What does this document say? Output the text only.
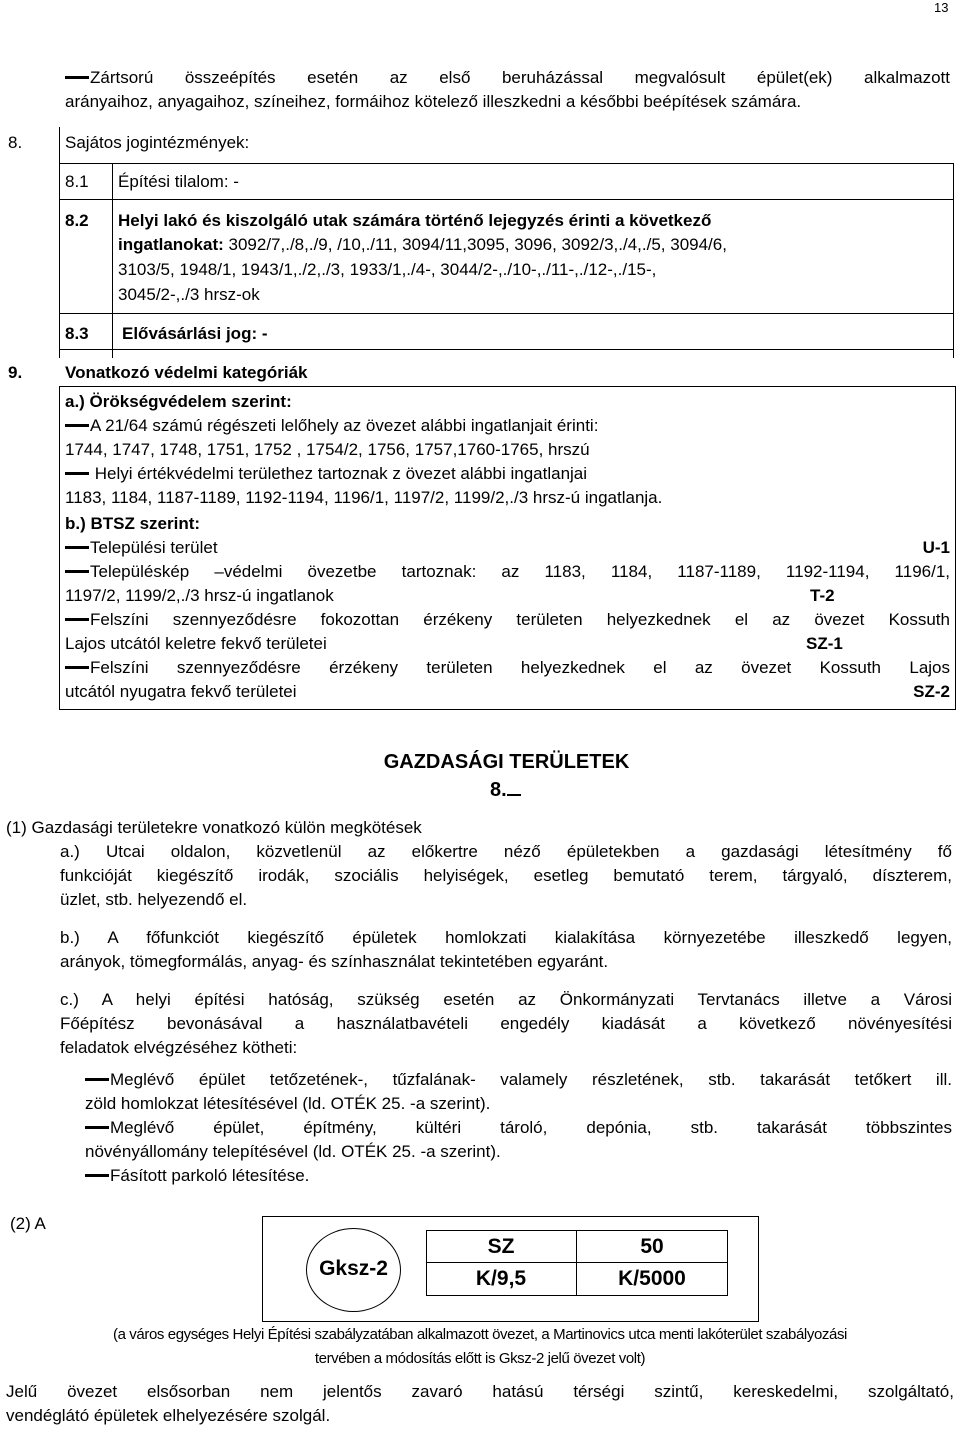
13
Zártsorú összeépítés esetén az első beruházással megvalósult épület(ek) alkalmazott
arányaihoz, anyagaihoz, színeihez, formáihoz kötelező illeszkedni a későbbi beépítések számára.
8.	Sajátos jogintézmények:
8.1 Építési tilalom: -
8.2 Helyi lakó és kiszolgáló utak számára történő lejegyzés érinti a következő
ingatlanokat: 3092/7,./8,./9, /10,./11, 3094/11,3095, 3096, 3092/3,./4,./5, 3094/6,
3103/5, 1948/1, 1943/1,./2,./3, 1933/1,./4-, 3044/2-,./10-,./11-,./12-,./15-,
3045/2-,./3 hrsz-ok
8.3 Elővásárlási jog: -
9.	Vonatkozó védelmi kategóriák
a.) Örökségvédelem szerint:
A 21/64 számú régészeti lelőhely az övezet alábbi ingatlanjait érinti:
1744, 1747, 1748, 1751, 1752 , 1754/2, 1756, 1757,1760-1765, hrszú
Helyi értékvédelmi területhez tartoznak z övezet alábbi ingatlanjai
1183, 1184, 1187-1189, 1192-1194, 1196/1, 1197/2, 1199/2,./3 hrsz-ú ingatlanja.
b.) BTSZ szerint:
Települési terület	U-1
Településkép –védelmi övezetbe tartoznak: az 1183, 1184, 1187-1189, 1192-1194, 1196/1,
1197/2, 1199/2,./3 hrsz-ú ingatlanok	T-2
Felszíni szennyeződésre fokozottan érzékeny területen helyezkednek el az övezet Kossuth
Lajos utcától keletre fekvő területei	SZ-1
Felszíni szennyeződésre érzékeny területen helyezkednek el az övezet Kossuth Lajos
utcától nyugatra fekvő területei	SZ-2
GAZDASÁGI TERÜLETEK
8.
(1) Gazdasági területekre vonatkozó külön megkötések
a.) Utcai oldalon, közvetlenül az előkertre néző épületekben a gazdasági létesítmény fő
funkcióját kiegészítő irodák, szociális helyiségek, esetleg bemutató terem, tárgyaló, díszterem,
üzlet, stb. helyezendő el.
b.) A főfunkciót kiegészítő épületek homlokzati kialakítása környezetébe illeszkedő legyen,
arányok, tömegformálás, anyag- és színhasználat tekintetében egyaránt.
c.) A helyi építési hatóság, szükség esetén az Önkormányzati Tervtanács illetve a Városi
Főépítész bevonásával a használatbavételi engedély kiadását a következő növényesítési
feladatok elvégzéséhez kötheti:
Meglévő épület tetőzetének-, tűzfalának- valamely részletének, stb. takarását tetőkert ill.
zöld homlokzat létesítésével (ld. OTÉK 25. -a szerint).
Meglévő épület, építmény, kültéri tároló, depónia, stb. takarását többszintes
növényállomány telepítésével (ld. OTÉK 25. -a szerint).
Fásított parkoló létesítése.
(2) A
Gksz-2
SZ	50
K/9,5	K/5000
(a város egységes Helyi Építési szabályzatában alkalmazott övezet, a Martinovics utca menti lakóterület szabályozási
tervében a módosítás előtt is Gksz-2 jelű övezet volt)
Jelű övezet elsősorban nem jelentős zavaró hatású térségi szintű, kereskedelmi, szolgáltató,
vendéglátó épületek elhelyezésére szolgál.
